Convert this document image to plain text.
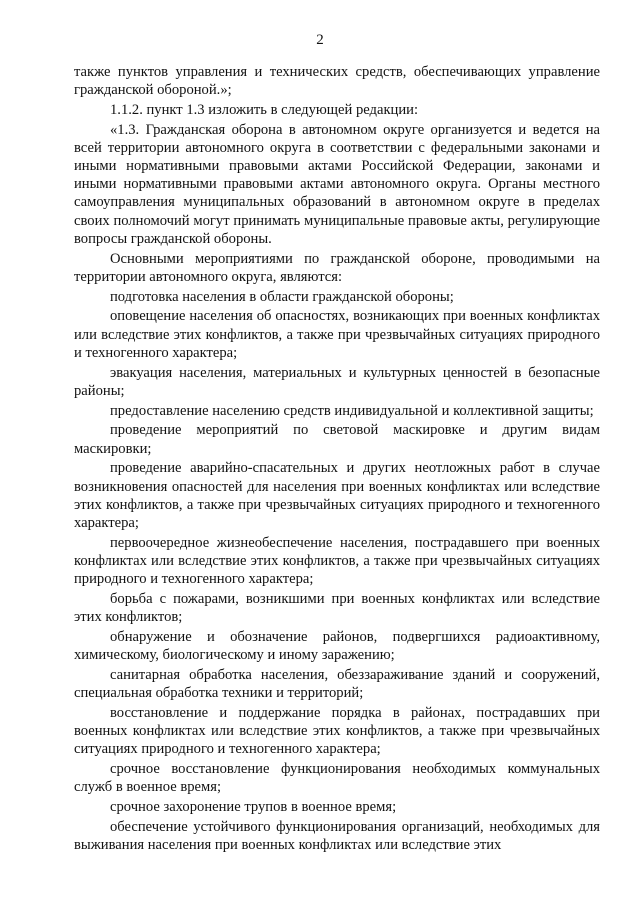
2

также пунктов управления и технических средств, обеспечивающих управление гражданской обороной.»;

1.1.2. пункт 1.3 изложить в следующей редакции:

«1.3. Гражданская оборона в автономном округе организуется и ведется на всей территории автономного округа в соответствии с федеральными законами и иными нормативными правовыми актами Российской Федерации, законами и иными нормативными правовыми актами автономного округа. Органы местного самоуправления муниципальных образований в автономном округе в пределах своих полномочий могут принимать муниципальные правовые акты, регулирующие вопросы гражданской обороны.

Основными мероприятиями по гражданской обороне, проводимыми на территории автономного округа, являются:

подготовка населения в области гражданской обороны;

оповещение населения об опасностях, возникающих при военных конфликтах или вследствие этих конфликтов, а также при чрезвычайных ситуациях природного и техногенного характера;

эвакуация населения, материальных и культурных ценностей в безопасные районы;

предоставление населению средств индивидуальной и коллективной защиты;

проведение мероприятий по световой маскировке и другим видам маскировки;

проведение аварийно-спасательных и других неотложных работ в случае возникновения опасностей для населения при военных конфликтах или вследствие этих конфликтов, а также при чрезвычайных ситуациях природного и техногенного характера;

первоочередное жизнеобеспечение населения, пострадавшего при военных конфликтах или вследствие этих конфликтов, а также при чрезвычайных ситуациях природного и техногенного характера;

борьба с пожарами, возникшими при военных конфликтах или вследствие этих конфликтов;

обнаружение и обозначение районов, подвергшихся радиоактивному, химическому, биологическому и иному заражению;

санитарная обработка населения, обеззараживание зданий и сооружений, специальная обработка техники и территорий;

восстановление и поддержание порядка в районах, пострадавших при военных конфликтах или вследствие этих конфликтов, а также при чрезвычайных ситуациях природного и техногенного характера;

срочное восстановление функционирования необходимых коммунальных служб в военное время;

срочное захоронение трупов в военное время;

обеспечение устойчивого функционирования организаций, необходимых для выживания населения при военных конфликтах или вследствие этих
